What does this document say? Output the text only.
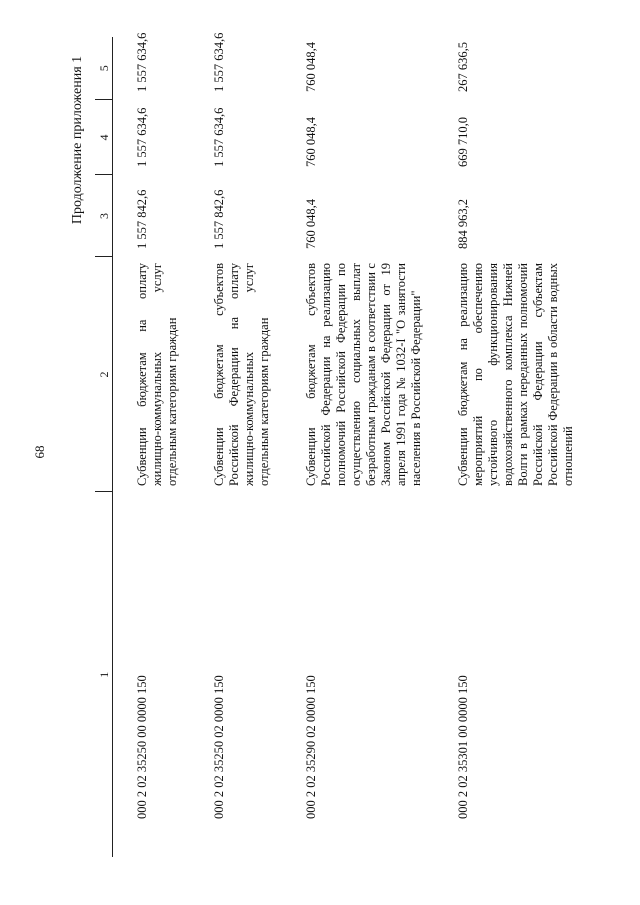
68
Продолжение приложения 1
1	2	3	4	5
000 2 02 35250 00 0000 150	Субвенции бюджетам на оплату жилищно-коммунальных услуг отдельным категориям граждан	1 557 842,6	1 557 634,6	1 557 634,6
000 2 02 35250 02 0000 150	Субвенции бюджетам субъектов Российской Федерации на оплату жилищно-коммунальных услуг отдельным категориям граждан	1 557 842,6	1 557 634,6	1 557 634,6
000 2 02 35290 02 0000 150	Субвенции бюджетам субъектов Российской Федерации на реализацию полномочий Российской Федерации по осуществлению социальных выплат безработным гражданам в соответствии с Законом Российской Федерации от 19 апреля 1991 года № 1032-I "О занятости населения в Российской Федерации"	760 048,4	760 048,4	760 048,4
000 2 02 35301 00 0000 150	Субвенции бюджетам на реализацию мероприятий по обеспечению устойчивого функционирования водохозяйственного комплекса Нижней Волги в рамках переданных полномочий Российской Федерации субъектам Российской Федерации в области водных отношений	884 963,2	669 710,0	267 636,5
